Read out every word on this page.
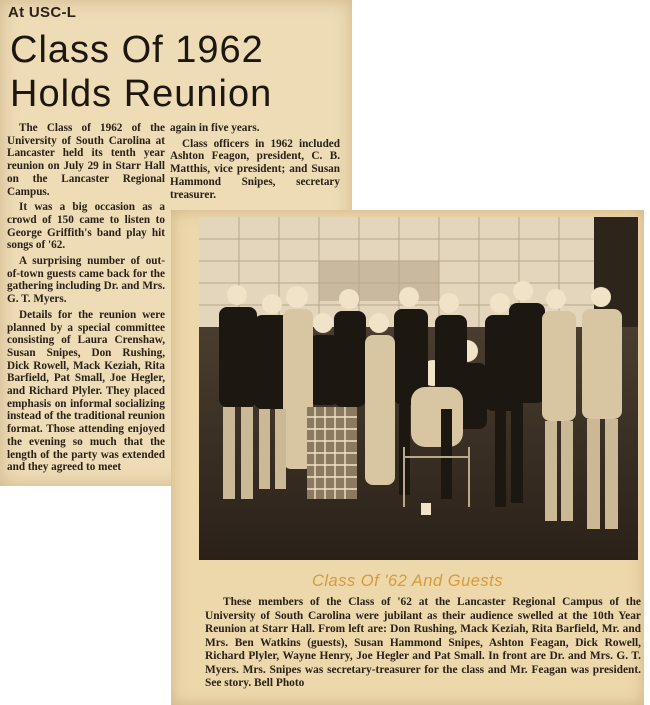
At USC-L
Class Of 1962
Holds Reunion

The Class of 1962 of the University of South Carolina at Lancaster held its tenth year reunion on July 29 in Starr Hall on the Lancaster Regional Campus.

It was a big occasion as a crowd of 150 came to listen to George Griffith's band play hit songs of '62.

A surprising number of out-of-town guests came back for the gathering including Dr. and Mrs. G. T. Myers.

Details for the reunion were planned by a special committee consisting of Laura Crenshaw, Susan Snipes, Don Rushing, Dick Rowell, Mack Keziah, Rita Barfield, Pat Small, Joe Hegler, and Richard Plyler. They placed emphasis on informal socializing instead of the traditional reunion format. Those attending enjoyed the evening so much that the length of the party was extended and they agreed to meet

again in five years.

Class officers in 1962 included Ashton Feagon, president, C. B. Matthis, vice president; and Susan Hammond Snipes, secretary treasurer.

Class Of '62 And Guests
These members of the Class of '62 at the Lancaster Regional Campus of the University of South Carolina were jubilant as their audience swelled at the 10th Year Reunion at Starr Hall. From left are: Don Rushing, Mack Keziah, Rita Barfield, Mr. and Mrs. Ben Watkins (guests), Susan Hammond Snipes, Ashton Feagan, Dick Rowell, Richard Plyler, Wayne Henry, Joe Hegler and Pat Small. In front are Dr. and Mrs. G. T. Myers. Mrs. Snipes was secretary-treasurer for the class and Mr. Feagan was president. See story. Bell Photo
